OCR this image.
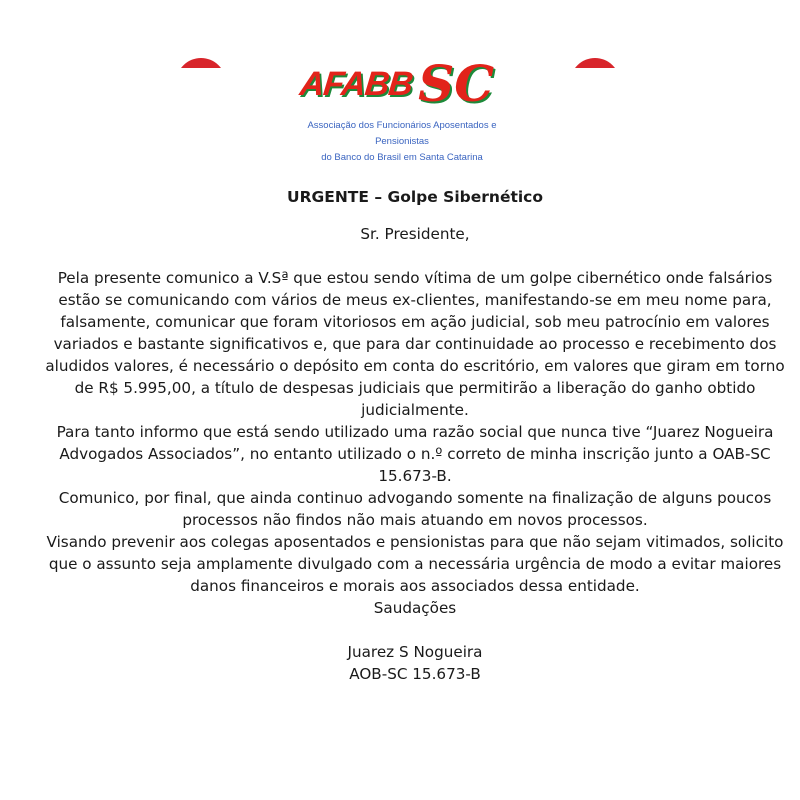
AFABBSC
Associação dos Funcionários Aposentados e Pensionistas
do Banco do Brasil em Santa Catarina

URGENTE – Golpe Sibernético

Sr. Presidente,

Pela presente comunico a V.Sª que estou sendo vítima de um golpe cibernético onde falsários estão se comunicando com vários de meus ex-clientes, manifestando-se em meu nome para, falsamente, comunicar que foram vitoriosos em ação judicial, sob meu patrocínio em valores variados e bastante significativos e, que para dar continuidade ao processo e recebimento dos aludidos valores, é necessário o depósito em conta do escritório, em valores que giram em torno de R$ 5.995,00, a título de despesas judiciais que permitirão a liberação do ganho obtido judicialmente.

Para tanto informo que está sendo utilizado uma razão social que nunca tive “Juarez Nogueira Advogados Associados”, no entanto utilizado o n.º correto de minha inscrição junto a OAB-SC 15.673-B.

Comunico, por final, que ainda continuo advogando somente na finalização de alguns poucos processos não findos não mais atuando em novos processos.

Visando prevenir aos colegas aposentados e pensionistas para que não sejam vitimados, solicito que o assunto seja amplamente divulgado com a necessária urgência de modo a evitar maiores danos financeiros e morais aos associados dessa entidade.

Saudações

Juarez S Nogueira

AOB-SC 15.673-B
